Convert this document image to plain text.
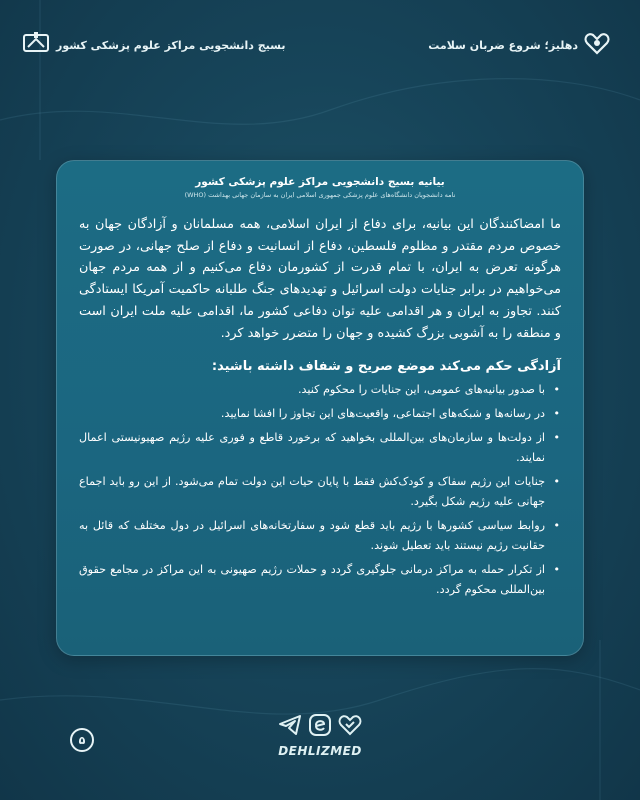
بسیج دانشجویی مراکز علوم پزشکی کشور	دهلیز؛ شروع ضربان سلامت
بیانیه بسیج دانشجویی مراکز علوم پزشکی کشور
نامه دانشجویان دانشگاه‌های علوم پزشکی جمهوری اسلامی ایران به سازمان جهانی بهداشت (WHO)

ما امضاکنندگان این بیانیه، برای دفاع از ایران اسلامی، همه مسلمانان و آزادگان جهان به خصوص مردم مقتدر و مظلوم فلسطین، دفاع از انسانیت و دفاع از صلح جهانی، در صورت هرگونه تعرض به ایران، با تمام قدرت از کشورمان دفاع می‌کنیم و از همه مردم جهان می‌خواهیم در برابر جنایات دولت اسرائیل و تهدیدهای جنگ طلبانه حاکمیت آمریکا ایستادگی کنند. تجاوز به ایران و هر اقدامی علیه توان دفاعی کشور ما، اقدامی علیه ملت ایران است و منطقه را به آشوبی بزرگ کشیده و جهان را متضرر خواهد کرد.

آزادگی حکم می‌کند موضع صریح و شفاف داشته باشید:
•
با صدور بیانیه‌های عمومی، این جنایات را محکوم کنید.
•
در رسانه‌ها و شبکه‌های اجتماعی، واقعیت‌های این تجاوز را افشا نمایید.
•
از دولت‌ها و سازمان‌های بین‌المللی بخواهید که برخورد قاطع و فوری علیه رژیم صهیونیستی اعمال نمایند.
•
جنایات این رژیم سفاک و کودک‌کش فقط با پایان حیات این دولت تمام می‌شود. از این رو باید اجماع جهانی علیه رژیم شکل بگیرد.
•
روابط سیاسی کشورها با رژیم باید قطع شود و سفارتخانه‌های اسرائیل در دول مختلف که قائل به حقانیت رژیم نیستند باید تعطیل شوند.
•
از تکرار حمله به مراکز درمانی جلوگیری گردد و حملات رژیم صهیونی به این مراکز در مجامع حقوق بین‌المللی محکوم گردد.
۵
DEHLIZMED
